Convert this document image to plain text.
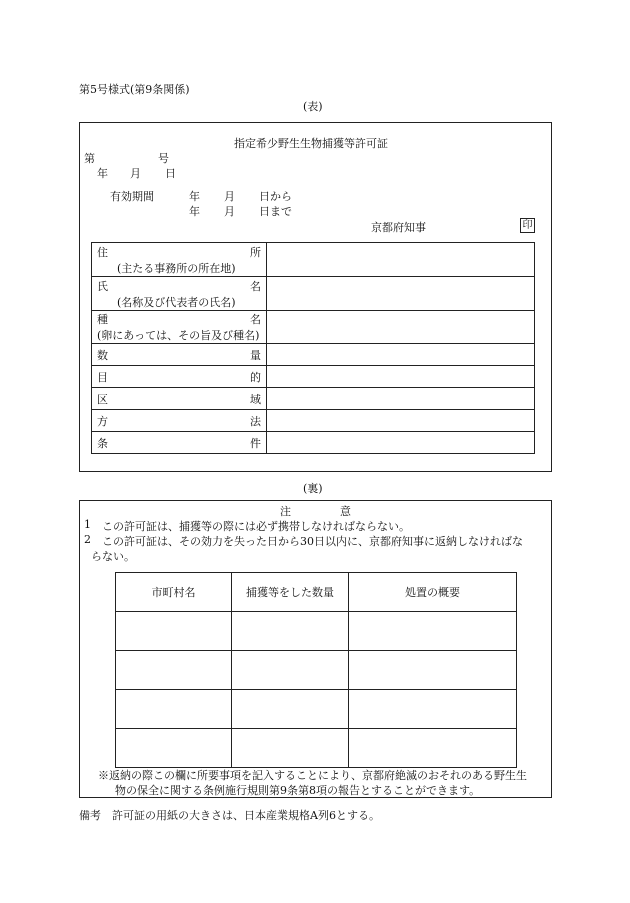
第5号様式(第9条関係)
(表)
指定希少野生生物捕獲等許可証
第	号
年 月 日
有効期間	年 月 日から
年 月 日まで
京都府知事	印
住 所
(主たる事務所の所在地)	

氏 名
(名称及び代表者の氏名)	

種 名
(卵にあっては、その旨及び種名)	

数 量	

目 的	

区 域	

方 法	

条 件	

(裏)
注	意
1 この許可証は、捕獲等の際には必ず携帯しなければならない。
2 この許可証は、その効力を失った日から30日以内に、京都府知事に返納しなければな
らない。
市町村名	捕獲等をした数量	処置の概要

※返納の際この欄に所要事項を記入することにより、京都府絶滅のおそれのある野生生
物の保全に関する条例施行規則第9条第8項の報告とすることができます。
備考　許可証の用紙の大きさは、日本産業規格A列6とする。
